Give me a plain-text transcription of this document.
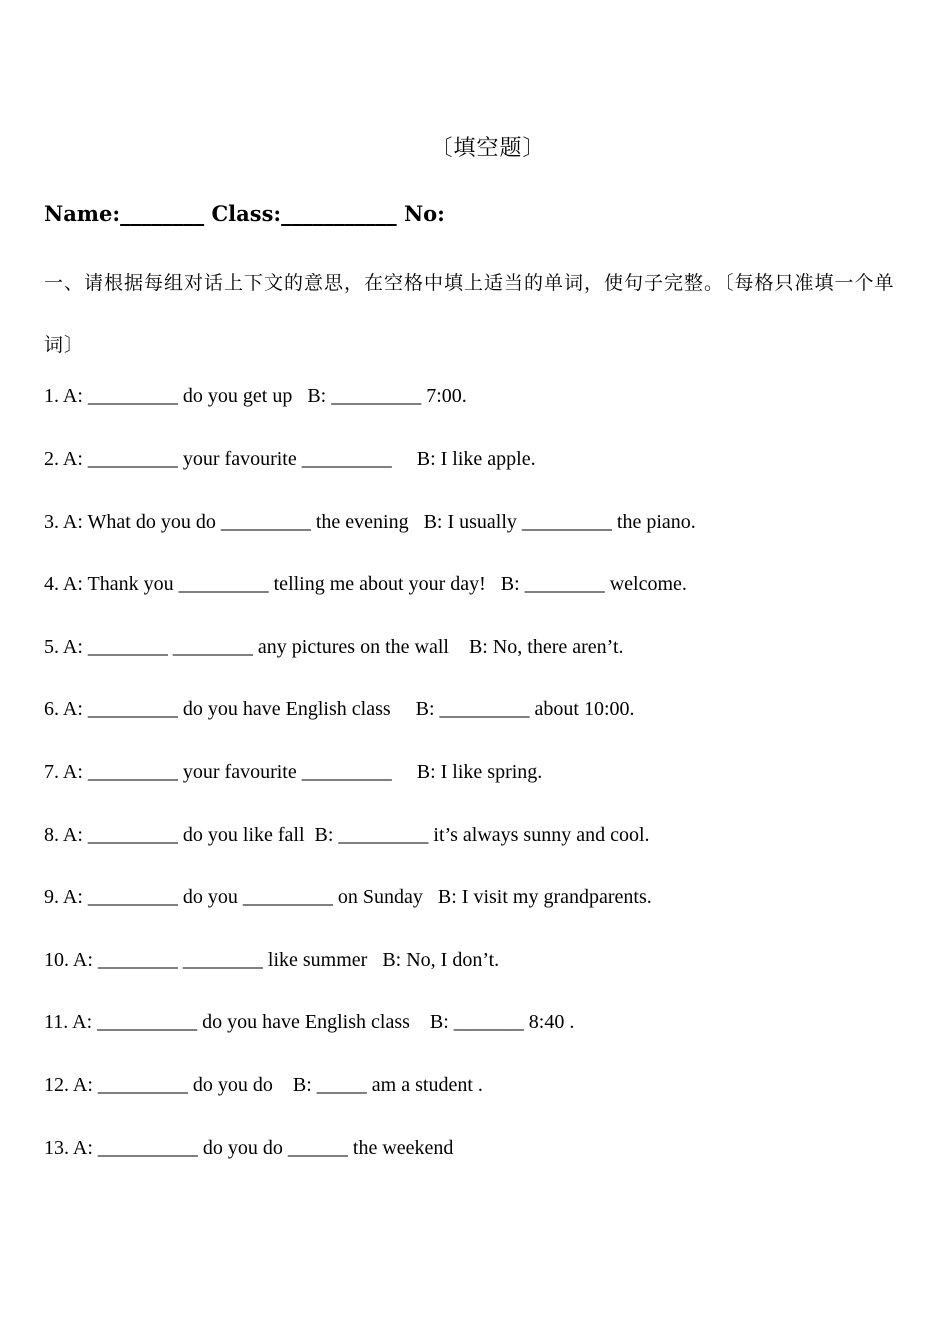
〔填空题〕
Name:________ Class:___________ No:
一、请根据每组对话上下文的意思，在空格中填上适当的单词，使句子完整。〔每格只准填一个单词〕
1. A: _________ do you get up   B: _________ 7:00.
2. A: _________ your favourite _________     B: I like apple.
3. A: What do you do _________ the evening   B: I usually _________ the piano.
4. A: Thank you _________ telling me about your day!   B: ________ welcome.
5. A: ________ ________ any pictures on the wall    B: No, there aren’t.
6. A: _________ do you have English class     B: _________ about 10:00.
7. A: _________ your favourite _________     B: I like spring.
8. A: _________ do you like fall  B: _________ it’s always sunny and cool.
9. A: _________ do you _________ on Sunday   B: I visit my grandparents.
10. A: ________ ________ like summer   B: No, I don’t.
11. A: __________ do you have English class    B: _______ 8:40 .
12. A: _________ do you do    B: _____ am a student .
13. A: __________ do you do ______ the weekend
